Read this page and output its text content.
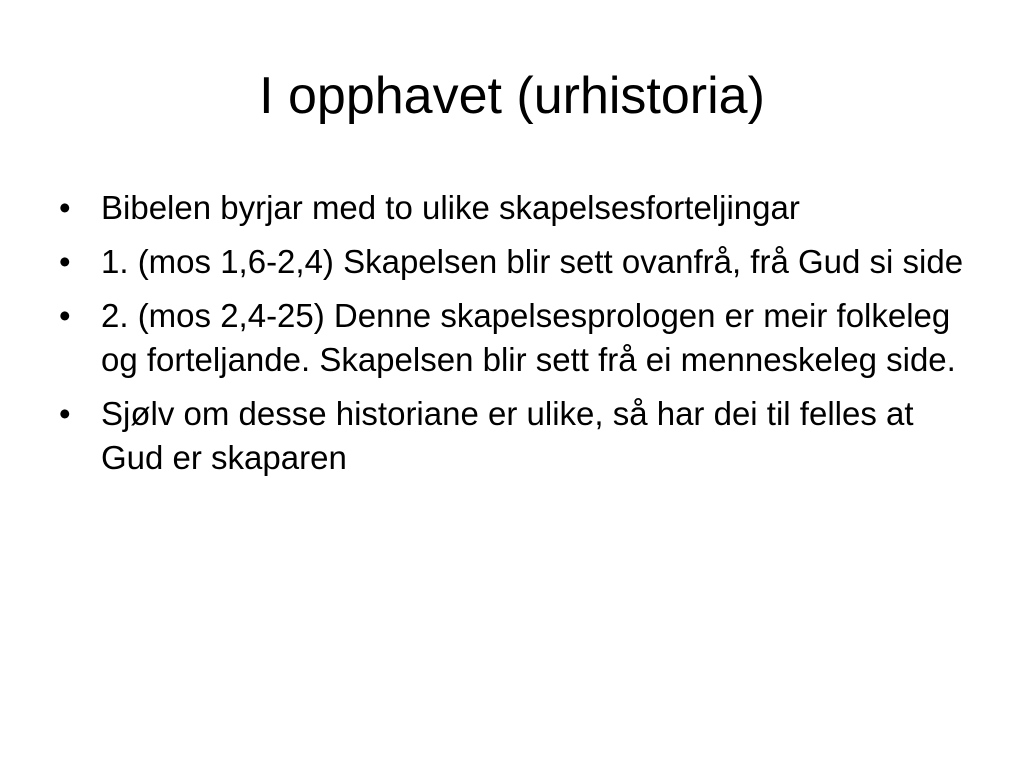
I opphavet (urhistoria)
• Bibelen byrjar med to ulike skapelsesforteljingar
• 1. (mos 1,6-2,4) Skapelsen blir sett ovanfrå, frå Gud si side
• 2. (mos 2,4-25) Denne skapelsesprologen er meir folkeleg og forteljande. Skapelsen blir sett frå ei menneskeleg side.
• Sjølv om desse historiane er ulike, så har dei til felles at Gud er skaparen
